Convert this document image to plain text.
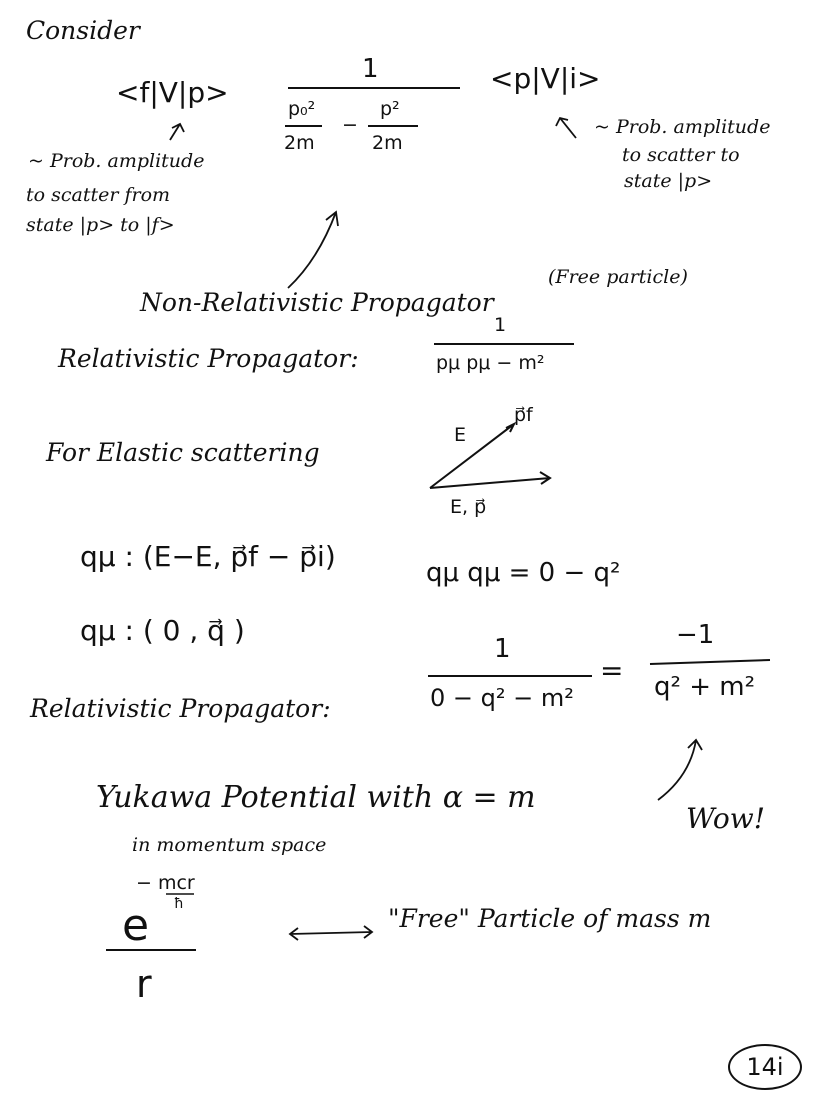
Consider
<f|V|p>
1
p₀²
2m
−
p²
2m
<p|V|i>
~ Prob. amplitude
to scatter from
state |p> to |f>
~ Prob. amplitude
to scatter to
state |p>
Non-Relativistic Propagator
(Free particle)
Relativistic Propagator:
1
pμ pμ − m²
For Elastic scattering
E
p⃗f
E, p⃗
qμ : (E−E, p⃗f − p⃗i)	qμ qμ = 0 − q²
qμ : ( 0 , q⃗ )
Relativistic Propagator:
1
0 − q² − m²
=
−1
q² + m²
Yukawa Potential with α = m
in momentum space
Wow!
− mcr
ħ
e
r
"Free" Particle of mass m
14i
